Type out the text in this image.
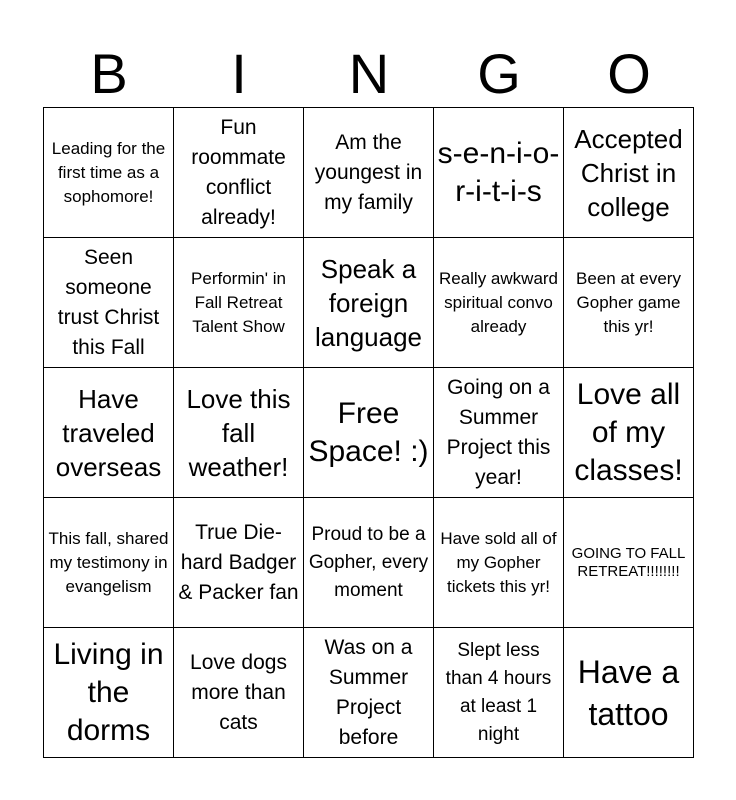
B	I	N	G	O
Leading for the first time as a sophomore!
Fun roommate conflict already!
Am the youngest in my family
s-e-n-i-o-r-i-t-i-s
Accepted Christ in college
Seen someone trust Christ this Fall
Performin' in Fall Retreat Talent Show
Speak a foreign language
Really awkward spiritual convo already
Been at every Gopher game this yr!
Have traveled overseas
Love this fall weather!
Free Space! :)
Going on a Summer Project this year!
Love all of my classes!
This fall, shared my testimony in evangelism
True Die-hard Badger & Packer fan
Proud to be a Gopher, every moment
Have sold all of my Gopher tickets this yr!
GOING TO FALL RETREAT!!!!!!!!
Living in the dorms
Love dogs more than cats
Was on a Summer Project before
Slept less than 4 hours at least 1 night
Have a tattoo
